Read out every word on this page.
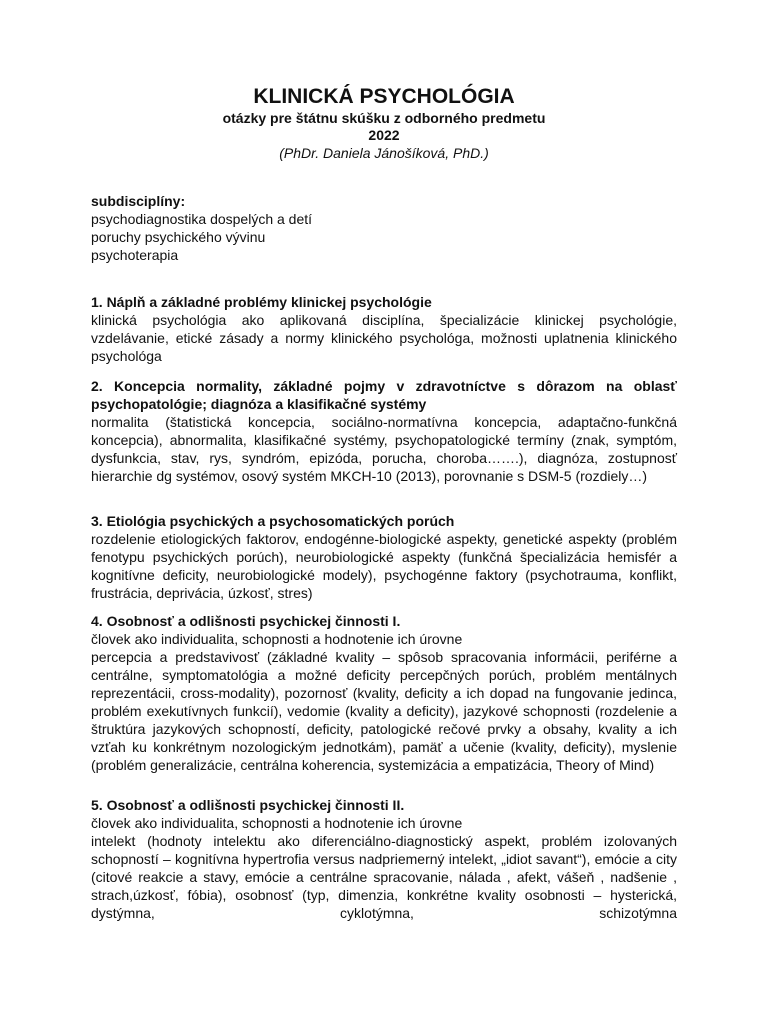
KLINICKÁ PSYCHOLÓGIA
otázky pre štátnu skúšku z odborného predmetu
2022
(PhDr. Daniela Jánošíková, PhD.)
subdisciplíny:
psychodiagnostika dospelých a detí
poruchy psychického vývinu
psychoterapia
1. Náplň a základné problémy klinickej psychológie

klinická psychológia ako aplikovaná disciplína, špecializácie klinickej psychológie, vzdelávanie, etické zásady a normy klinického psychológa, možnosti uplatnenia klinického psychológa

2. Koncepcia normality, základné pojmy v zdravotníctve s dôrazom na oblasť psychopatológie; diagnóza a klasifikačné systémy

normalita (štatistická koncepcia, sociálno-normatívna koncepcia, adaptačno-funkčná koncepcia), abnormalita, klasifikačné systémy, psychopatologické termíny (znak, symptóm, dysfunkcia, stav, rys, syndróm, epizóda, porucha, choroba…….), diagnóza, zostupnosť hierarchie dg systémov, osový systém MKCH-10 (2013), porovnanie s DSM-5 (rozdiely…)

3. Etiológia psychických a psychosomatických porúch

rozdelenie etiologických faktorov, endogénne-biologické aspekty, genetické aspekty (problém fenotypu psychických porúch), neurobiologické aspekty (funkčná špecializácia hemisfér a kognitívne deficity, neurobiologické modely), psychogénne faktory (psychotrauma, konflikt, frustrácia, deprivácia, úzkosť, stres)

4. Osobnosť a odlišnosti psychickej činnosti I.

človek ako individualita, schopnosti a hodnotenie ich úrovne

percepcia a predstavivosť (základné kvality – spôsob spracovania informácii, periférne a centrálne, symptomatológia a možné deficity percepčných porúch, problém mentálnych reprezentácii, cross-modality), pozornosť (kvality, deficity a ich dopad na fungovanie jedinca, problém exekutívnych funkcií), vedomie (kvality a deficity), jazykové schopnosti (rozdelenie a štruktúra jazykových schopností, deficity, patologické rečové prvky a obsahy, kvality a ich vzťah ku konkrétnym nozologickým jednotkám), pamäť a učenie (kvality, deficity), myslenie (problém generalizácie, centrálna koherencia, systemizácia a empatizácia, Theory of Mind)

5. Osobnosť a odlišnosti psychickej činnosti II.

človek ako individualita, schopnosti a hodnotenie ich úrovne

intelekt (hodnoty intelektu ako diferenciálno-diagnostický aspekt, problém izolovaných schopností – kognitívna hypertrofia versus nadpriemerný intelekt, „idiot savant“), emócie a city (citové reakcie a stavy, emócie a centrálne spracovanie, nálada , afekt, vášeň , nadšenie , strach,úzkosť, fóbia), osobnosť (typ, dimenzia, konkrétne kvality osobnosti – hysterická, dystýmna, cyklotýmna, schizotýmna
